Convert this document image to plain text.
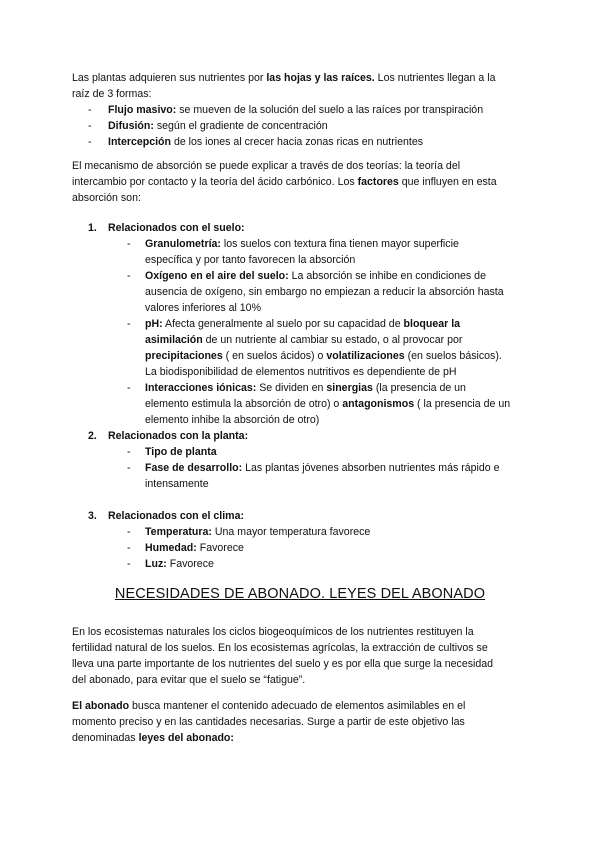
Las plantas adquieren sus nutrientes por las hojas y las raíces. Los nutrientes llegan a la
raíz de 3 formas:

- Flujo masivo: se mueven de la solución del suelo a las raíces por transpiración
- Difusión: según el gradiente de concentración
- Intercepción de los iones al crecer hacia zonas ricas en nutrientes

El mecanismo de absorción se puede explicar a través de dos teorías: la teoría del
intercambio por contacto y la teoría del ácido carbónico. Los factores que influyen en esta
absorción son:

1. Relacionados con el suelo:
- Granulometría: los suelos con textura fina tienen mayor superficie
específica y por tanto favorecen la absorción
- Oxígeno en el aire del suelo: La absorción se inhibe en condiciones de
ausencia de oxígeno, sin embargo no empiezan a reducir la absorción hasta
valores inferiores al 10%
- pH: Afecta generalmente al suelo por su capacidad de bloquear la
asimilación de un nutriente al cambiar su estado, o al provocar por
precipitaciones ( en suelos ácidos) o volatilizaciones (en suelos básicos).
La biodisponibilidad de elementos nutritivos es dependiente de pH
- Interacciones iónicas: Se dividen en sinergias (la presencia de un
elemento estimula la absorción de otro) o antagonismos ( la presencia de un
elemento inhibe la absorción de otro)
2. Relacionados con la planta:
- Tipo de planta
- Fase de desarrollo: Las plantas jóvenes absorben nutrientes más rápido e
intensamente
3. Relacionados con el clima:
- Temperatura: Una mayor temperatura favorece
- Humedad: Favorece
- Luz: Favorece
NECESIDADES DE ABONADO. LEYES DEL ABONADO

En los ecosistemas naturales los ciclos biogeoquímicos de los nutrientes restituyen la
fertilidad natural de los suelos. En los ecosistemas agrícolas, la extracción de cultivos se
lleva una parte importante de los nutrientes del suelo y es por ella que surge la necesidad
del abonado, para evitar que el suelo se “fatigue”.

El abonado busca mantener el contenido adecuado de elementos asimilables en el
momento preciso y en las cantidades necesarias. Surge a partir de este objetivo las
denominadas leyes del abonado:
